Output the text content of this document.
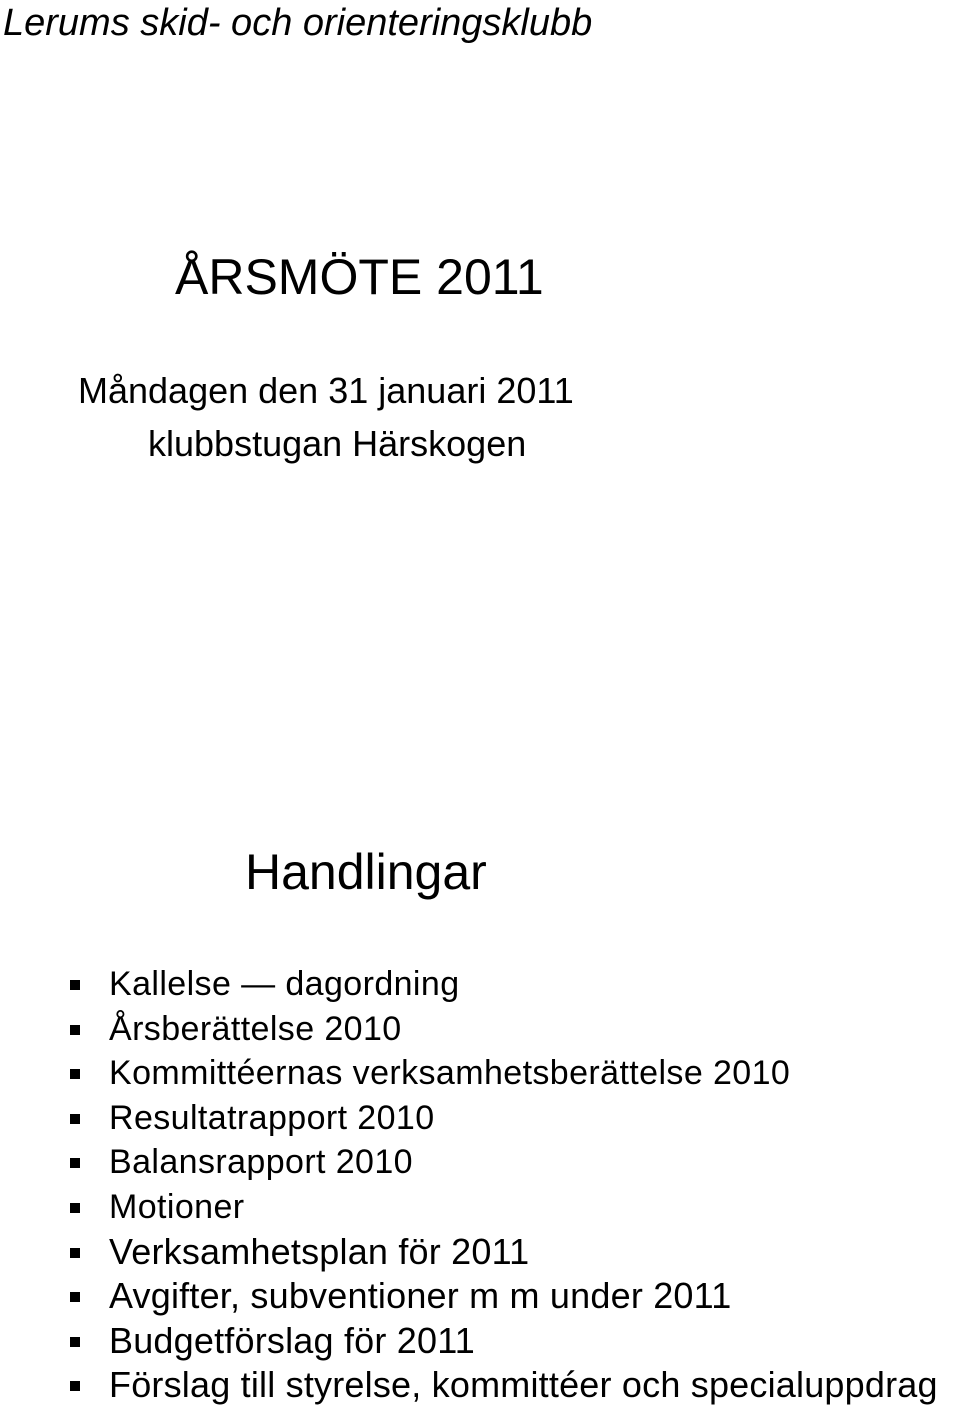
Lerums skid- och orienteringsklubb
ÅRSMÖTE 2011
Måndagen den 31 januari 2011
klubbstugan Härskogen
Handlingar
Kallelse — dagordning
Årsberättelse 2010
Kommittéernas verksamhetsberättelse 2010
Resultatrapport 2010
Balansrapport 2010
Motioner
Verksamhetsplan för 2011
Avgifter, subventioner m m under 2011
Budgetförslag för 2011
Förslag till styrelse, kommittéer och specialuppdrag
